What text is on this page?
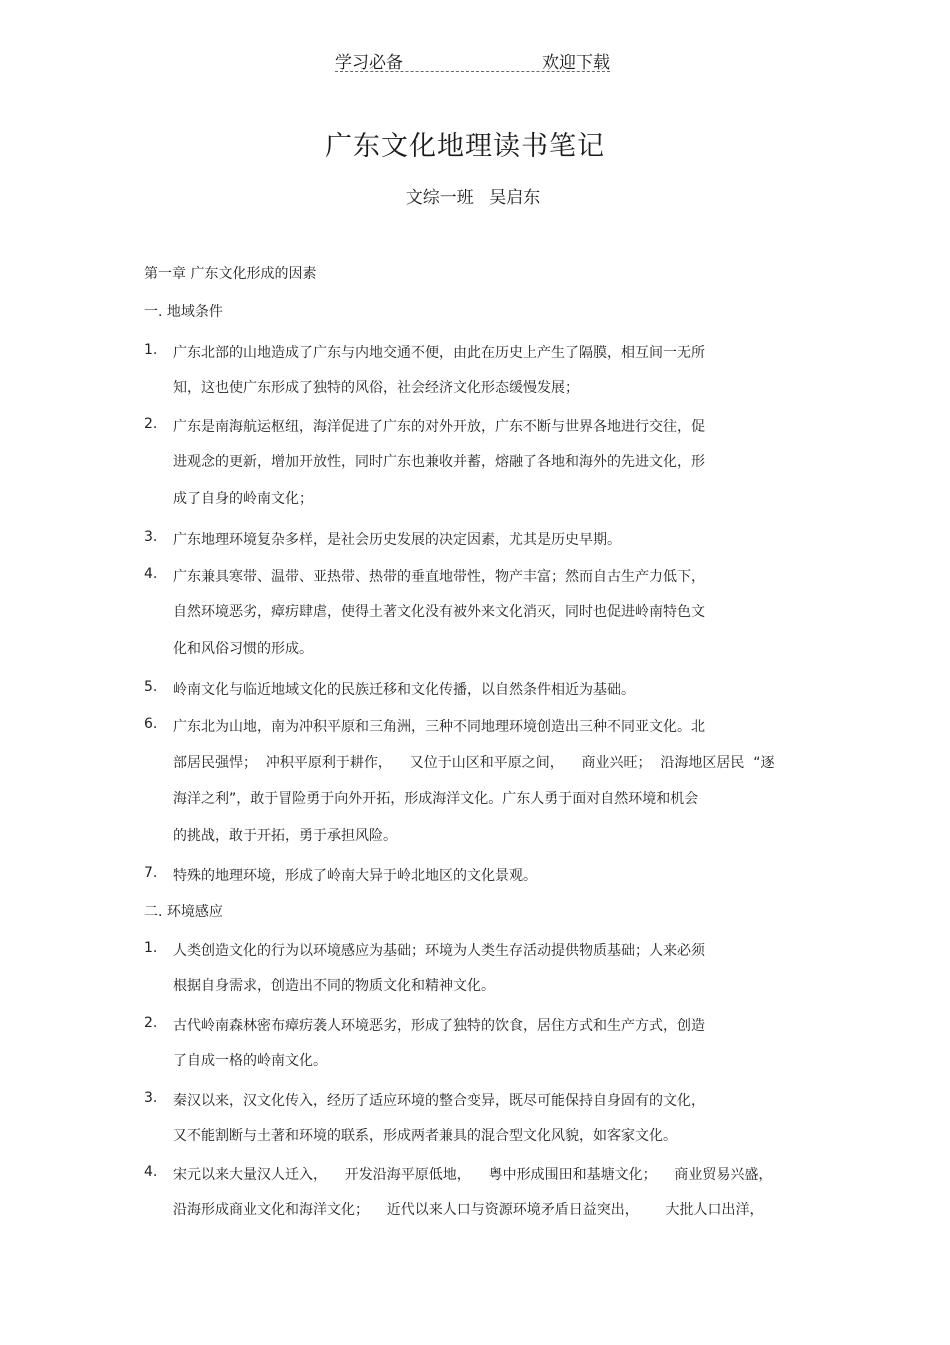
学习必备	欢迎下载
广东文化地理读书笔记
文综一班 吴启东
第一章 广东文化形成的因素
一. 地域条件
1. 广东北部的山地造成了广东与内地交通不便，由此在历史上产生了隔膜，相互间一无所
知，这也使广东形成了独特的风俗，社会经济文化形态缓慢发展；
2. 广东是南海航运枢纽，海洋促进了广东的对外开放，广东不断与世界各地进行交往，促
进观念的更新，增加开放性，同时广东也兼收并蓄，熔融了各地和海外的先进文化，形
成了自身的岭南文化；
3. 广东地理环境复杂多样，是社会历史发展的决定因素，尤其是历史早期。
4. 广东兼具寒带、温带、亚热带、热带的垂直地带性，物产丰富；然而自古生产力低下，
自然环境恶劣，瘴疠肆虐，使得土著文化没有被外来文化消灭，同时也促进岭南特色文
化和风俗习惯的形成。
5. 岭南文化与临近地域文化的民族迁移和文化传播，以自然条件相近为基础。
6. 广东北为山地，南为冲积平原和三角洲，三种不同地理环境创造出三种不同亚文化。北
部居民强悍；  冲积平原利于耕作，    又位于山区和平原之间，    商业兴旺；  沿海地区居民  “逐
海洋之利”，敢于冒险勇于向外开拓，形成海洋文化。广东人勇于面对自然环境和机会
的挑战，敢于开拓，勇于承担风险。
7. 特殊的地理环境，形成了岭南大异于岭北地区的文化景观。
二. 环境感应
1. 人类创造文化的行为以环境感应为基础；环境为人类生存活动提供物质基础；人来必须
根据自身需求，创造出不同的物质文化和精神文化。
2. 古代岭南森林密布瘴疠袭人环境恶劣，形成了独特的饮食，居住方式和生产方式，创造
了自成一格的岭南文化。
3. 秦汉以来，汉文化传入，经历了适应环境的整合变异，既尽可能保持自身固有的文化，
又不能割断与土著和环境的联系，形成两者兼具的混合型文化风貌，如客家文化。
4. 宋元以来大量汉人迁入，    开发沿海平原低地，    粤中形成围田和基塘文化；    商业贸易兴盛，
沿海形成商业文化和海洋文化；    近代以来人口与资源环境矛盾日益突出，      大批人口出洋，
